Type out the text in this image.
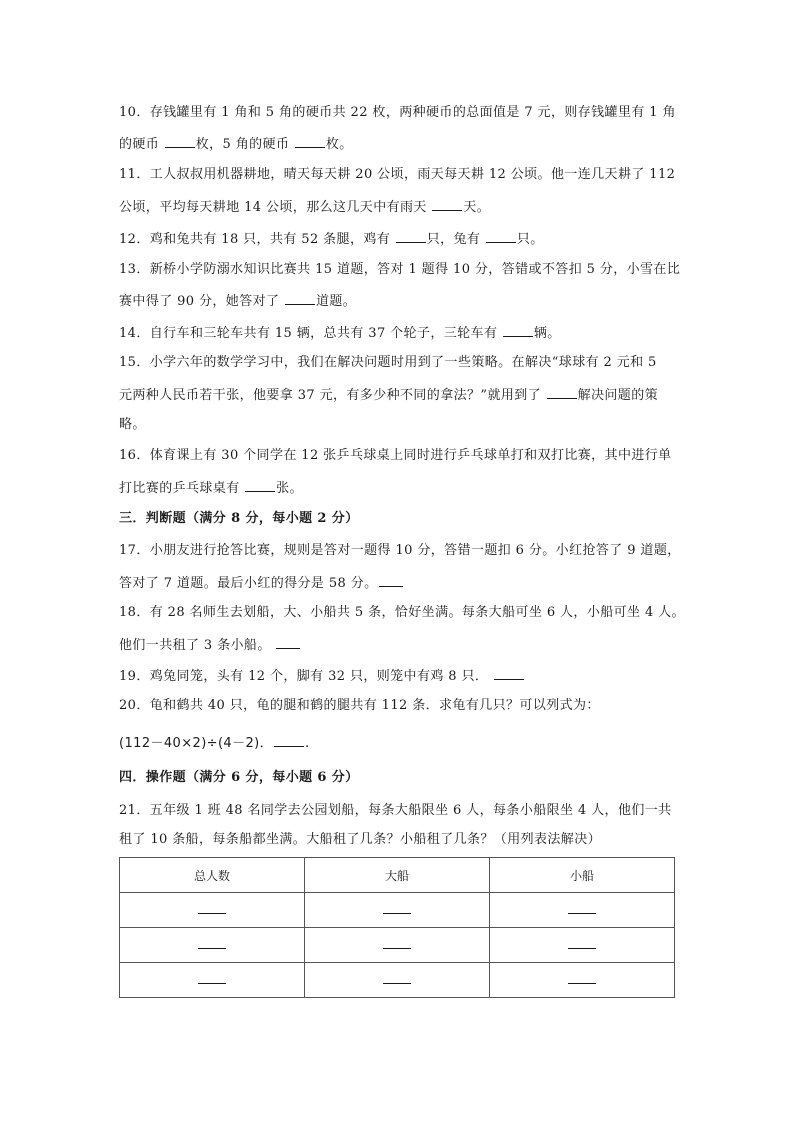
10．存钱罐里有 1 角和 5 角的硬币共 22 枚，两种硬币的总面值是 7 元，则存钱罐里有 1 角
的硬币 枚，5 角的硬币 枚。
11．工人叔叔用机器耕地，晴天每天耕 20 公顷，雨天每天耕 12 公顷。他一连几天耕了 112
公顷，平均每天耕地 14 公顷，那么这几天中有雨天 天。
12．鸡和兔共有 18 只，共有 52 条腿，鸡有 只，兔有 只。
13．新桥小学防溺水知识比赛共 15 道题，答对 1 题得 10 分，答错或不答扣 5 分，小雪在比
赛中得了 90 分，她答对了 道题。
14．自行车和三轮车共有 15 辆，总共有 37 个轮子，三轮车有 辆。
15．小学六年的数学学习中，我们在解决问题时用到了一些策略。在解决“球球有 2 元和 5
元两种人民币若干张，他要拿 37 元，有多少种不同的拿法？”就用到了 解决问题的策
略。
16．体育课上有 30 个同学在 12 张乒乓球桌上同时进行乒乓球单打和双打比赛，其中进行单
打比赛的乒乓球桌有 张。
三．判断题（满分 8 分，每小题 2 分）
17．小朋友进行抢答比赛，规则是答对一题得 10 分，答错一题扣 6 分。小红抢答了 9 道题，
答对了 7 道题。最后小红的得分是 58 分。
18．有 28 名师生去划船，大、小船共 5 条，恰好坐满。每条大船可坐 6 人，小船可坐 4 人。
他们一共租了 3 条小船。
19．鸡兔同笼，头有 12 个，脚有 32 只，则笼中有鸡 8 只．
20．龟和鹤共 40 只，龟的腿和鹤的腿共有 112 条．求龟有几只？可以列式为：
(112－40×2)÷(4－2)． .
四．操作题（满分 6 分，每小题 6 分）
21．五年级 1 班 48 名同学去公园划船，每条大船限坐 6 人，每条小船限坐 4 人，他们一共
租了 10 条船，每条船都坐满。大船租了几条？小船租了几条？（用列表法解决）
总人数	大船	小船
